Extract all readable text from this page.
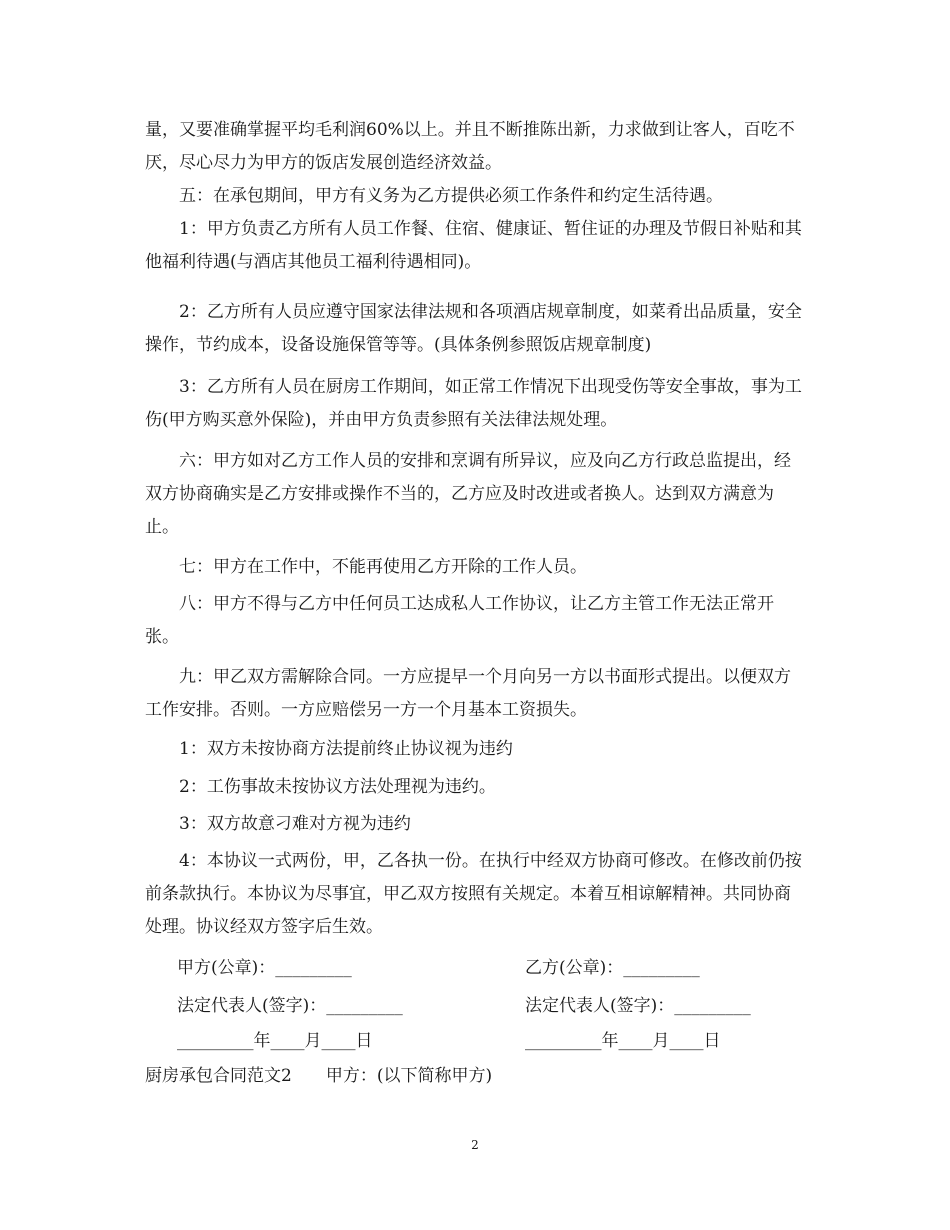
量，又要准确掌握平均毛利润60%以上。并且不断推陈出新，力求做到让客人，百吃不厌，尽心尽力为甲方的饭店发展创造经济效益。

五：在承包期间，甲方有义务为乙方提供必须工作条件和约定生活待遇。

1：甲方负责乙方所有人员工作餐、住宿、健康证、暂住证的办理及节假日补贴和其他福利待遇(与酒店其他员工福利待遇相同)。

2：乙方所有人员应遵守国家法律法规和各项酒店规章制度，如菜肴出品质量，安全操作，节约成本，设备设施保管等等。(具体条例参照饭店规章制度)

3：乙方所有人员在厨房工作期间，如正常工作情况下出现受伤等安全事故，事为工伤(甲方购买意外保险)，并由甲方负责参照有关法律法规处理。

六：甲方如对乙方工作人员的安排和烹调有所异议，应及向乙方行政总监提出，经双方协商确实是乙方安排或操作不当的，乙方应及时改进或者换人。达到双方满意为止。

七：甲方在工作中，不能再使用乙方开除的工作人员。

八：甲方不得与乙方中任何员工达成私人工作协议，让乙方主管工作无法正常开张。

九：甲乙双方需解除合同。一方应提早一个月向另一方以书面形式提出。以便双方工作安排。否则。一方应赔偿另一方一个月基本工资损失。

1：双方未按协商方法提前终止协议视为违约

2：工伤事故未按协议方法处理视为违约。

3：双方故意刁难对方视为违约

4：本协议一式两份，甲，乙各执一份。在执行中经双方协商可修改。在修改前仍按前条款执行。本协议为尽事宜，甲乙双方按照有关规定。本着互相谅解精神。共同协商处理。协议经双方签字后生效。

甲方(公章)：_________	乙方(公章)：_________
法定代表人(签字)：_________	法定代表人(签字)：_________
_________年____月____日	_________年____月____日
厨房承包合同范文2　　甲方：(以下简称甲方)
2
